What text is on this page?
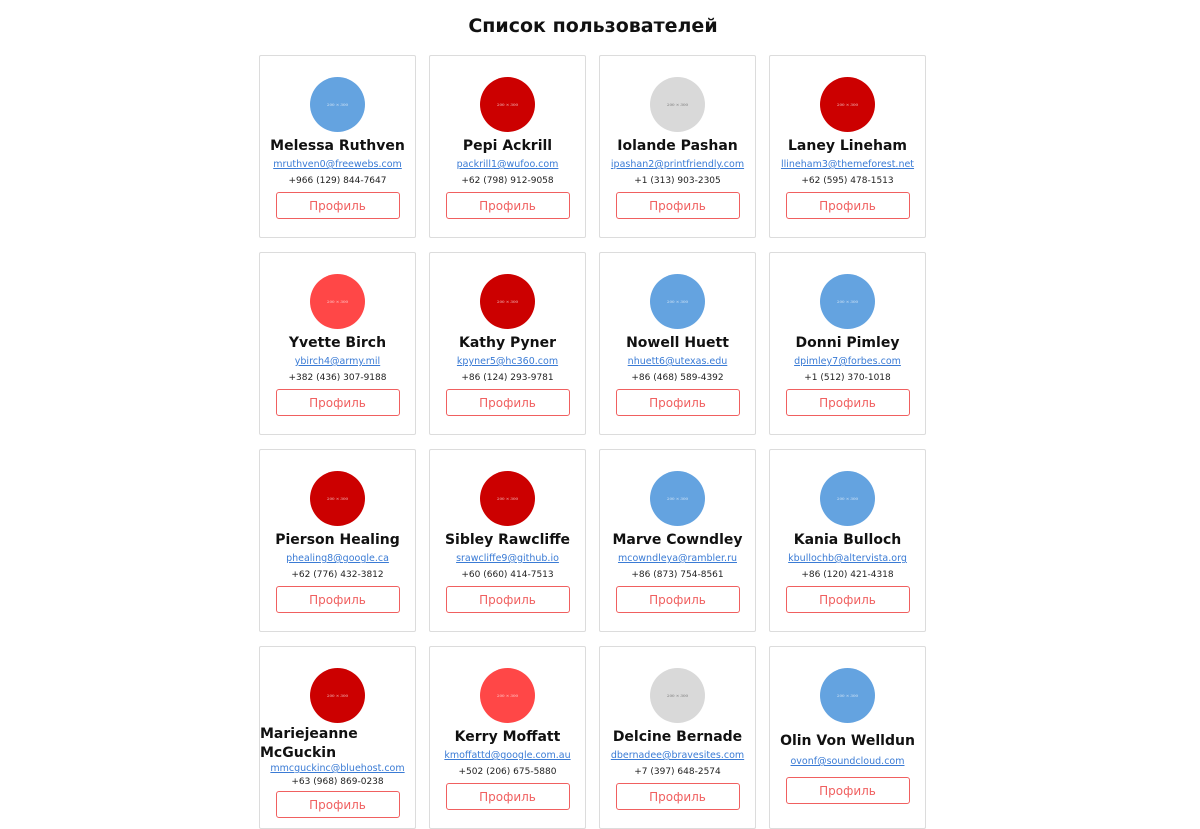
Список пользователей
200 × 300
Melessa Ruthven
mruthven0@freewebs.com
+966 (129) 844-7647
Профиль
200 × 300
Pepi Ackrill
packrill1@wufoo.com
+62 (798) 912-9058
Профиль
200 × 300
Iolande Pashan
ipashan2@printfriendly.com
+1 (313) 903-2305
Профиль
200 × 300
Laney Lineham
llineham3@themeforest.net
+62 (595) 478-1513
Профиль
200 × 300
Yvette Birch
ybirch4@army.mil
+382 (436) 307-9188
Профиль
200 × 300
Kathy Pyner
kpyner5@hc360.com
+86 (124) 293-9781
Профиль
200 × 300
Nowell Huett
nhuett6@utexas.edu
+86 (468) 589-4392
Профиль
200 × 300
Donni Pimley
dpimley7@forbes.com
+1 (512) 370-1018
Профиль
200 × 300
Pierson Healing
phealing8@google.ca
+62 (776) 432-3812
Профиль
200 × 300
Sibley Rawcliffe
srawcliffe9@github.io
+60 (660) 414-7513
Профиль
200 × 300
Marve Cowndley
mcowndleya@rambler.ru
+86 (873) 754-8561
Профиль
200 × 300
Kania Bulloch
kbullochb@altervista.org
+86 (120) 421-4318
Профиль
200 × 300
Mariejeanne McGuckin
mmcguckinc@bluehost.com
+63 (968) 869-0238
Профиль
200 × 300
Kerry Moffatt
kmoffattd@google.com.au
+502 (206) 675-5880
Профиль
200 × 300
Delcine Bernade
dbernadee@bravesites.com
+7 (397) 648-2574
Профиль
200 × 300
Olin Von Welldun
ovonf@soundcloud.com
Профиль
